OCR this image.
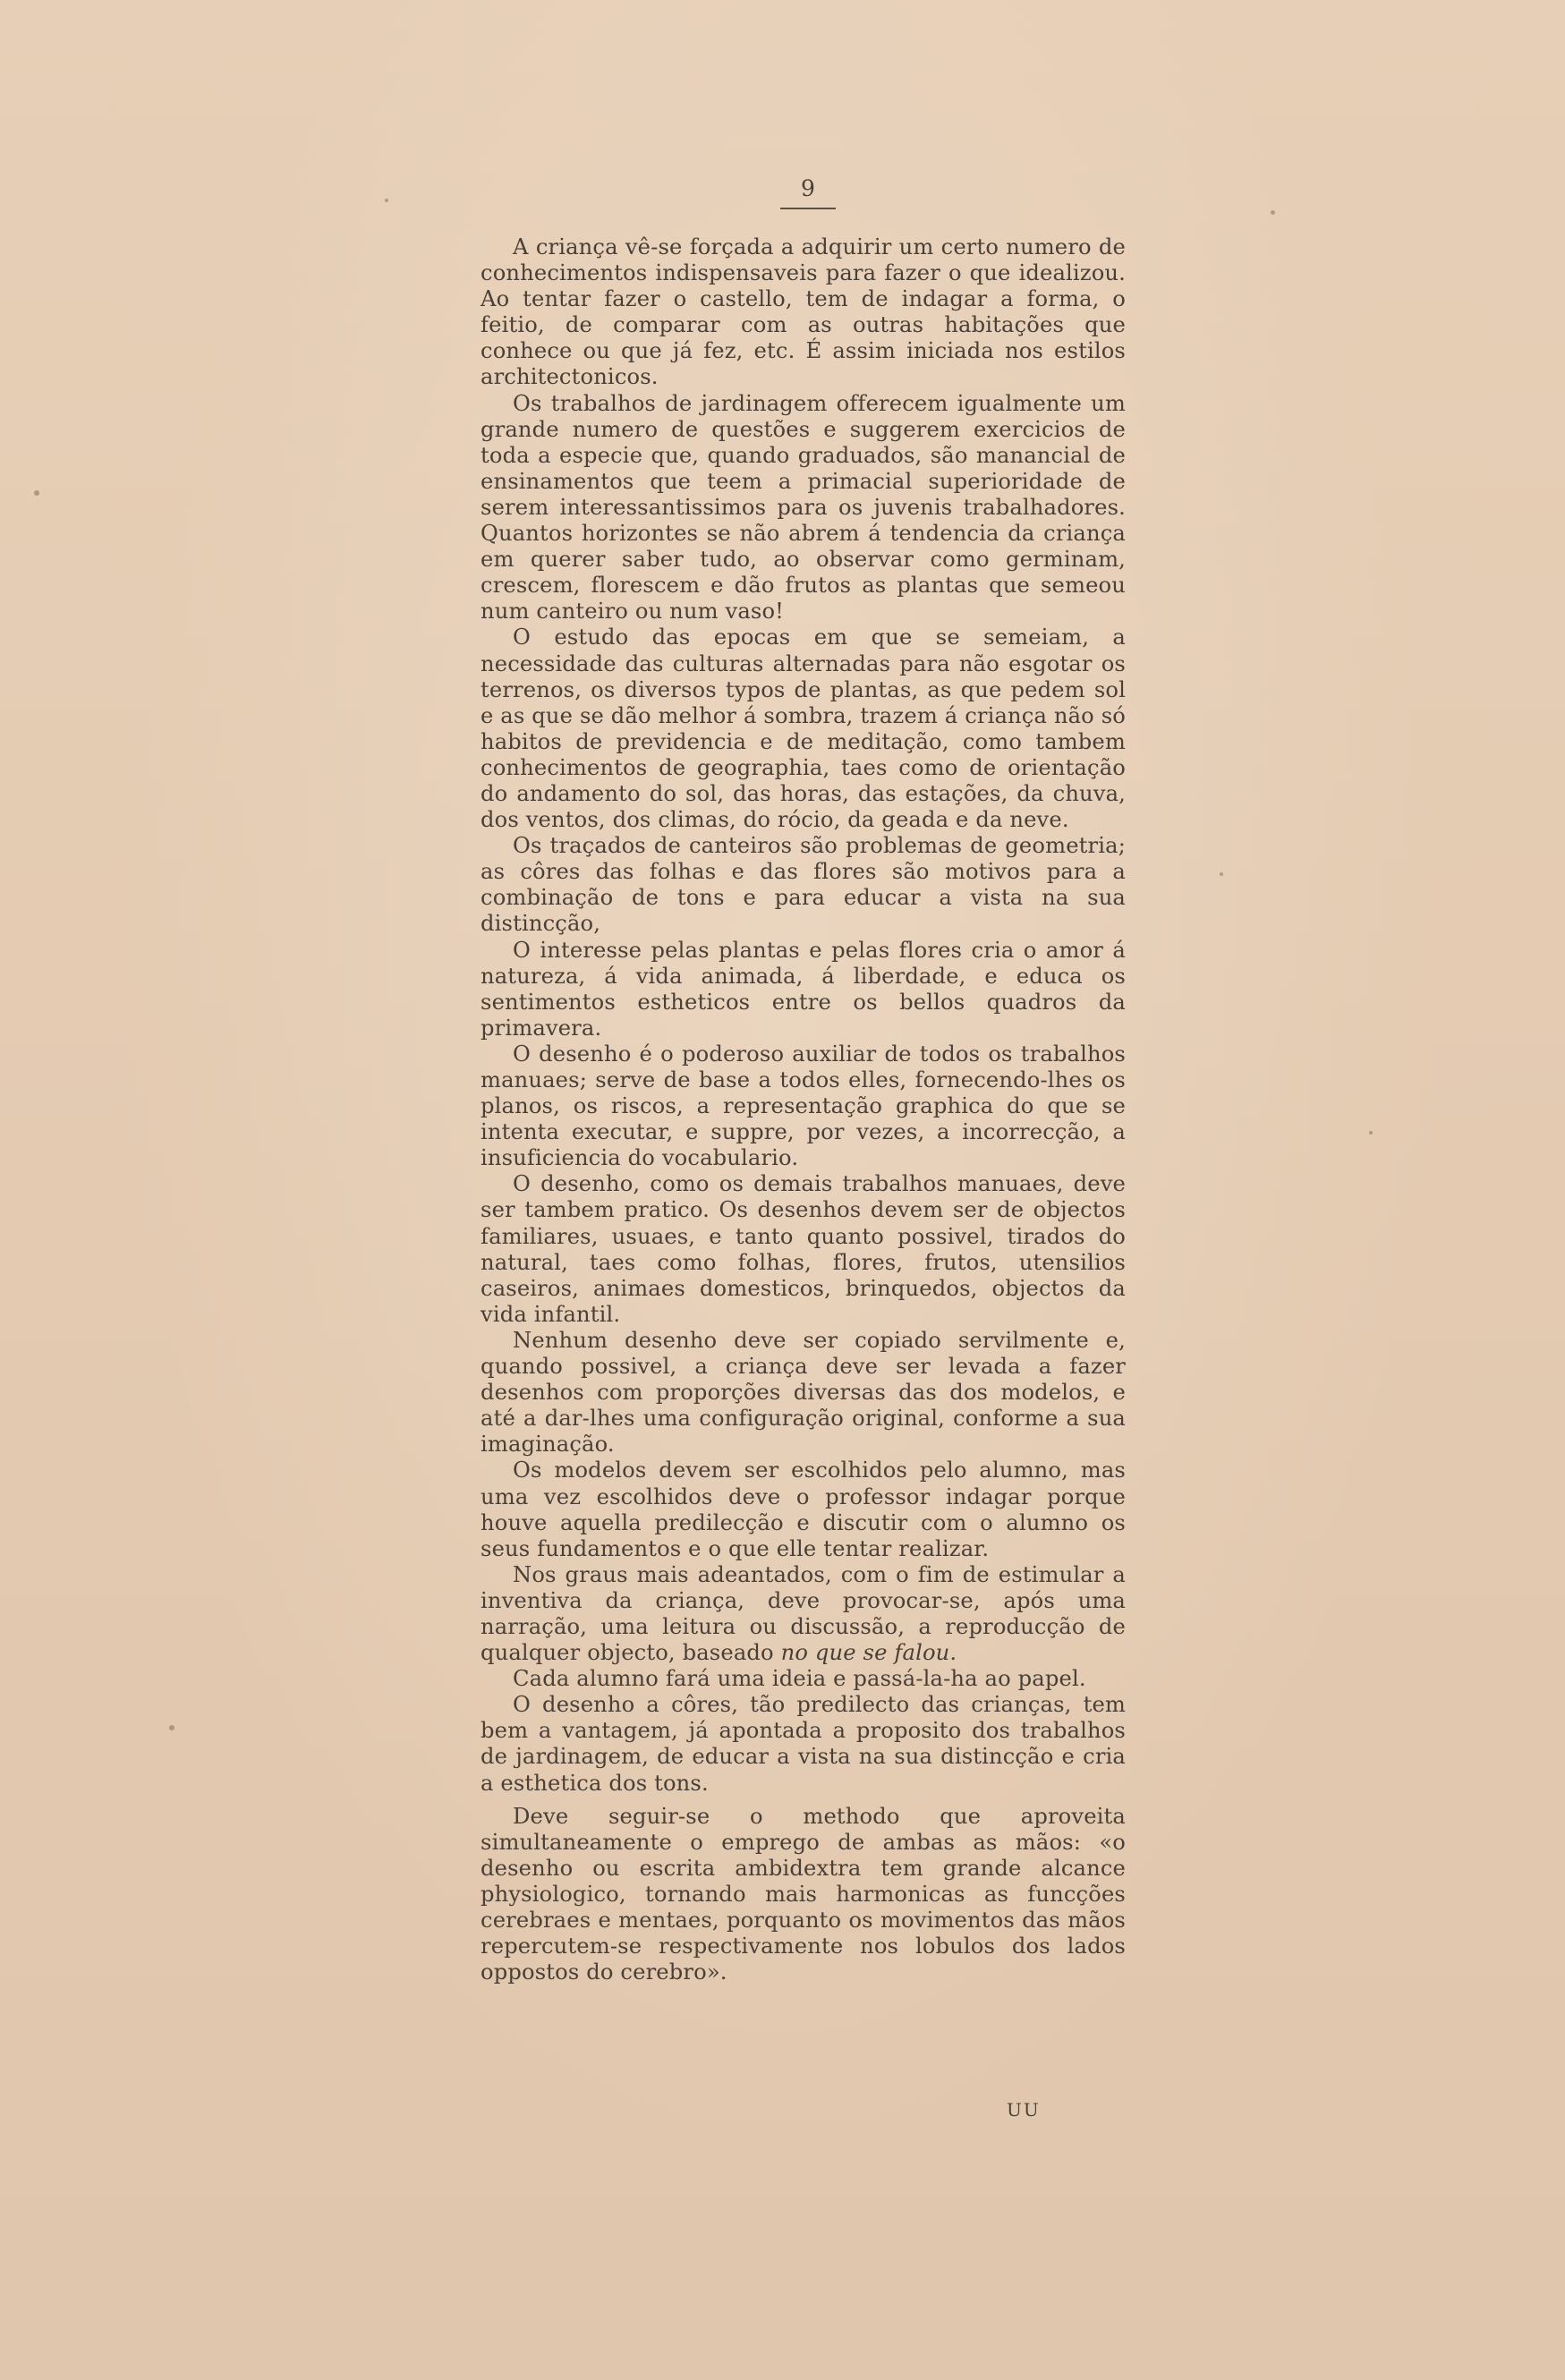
9

A criança vê-se forçada a adquirir um certo numero de conhecimentos indispensaveis para fazer o que idealizou. Ao tentar fazer o castello, tem de indagar a forma, o feitio, de comparar com as outras habitações que conhece ou que já fez, etc. É assim iniciada nos estilos architectonicos.

Os trabalhos de jardinagem offerecem igualmente um grande numero de questões e suggerem exercicios de toda a especie que, quando graduados, são manancial de ensinamentos que teem a primacial superioridade de serem interessantissimos para os juvenis trabalhadores. Quantos horizontes se não abrem á tendencia da criança em querer saber tudo, ao observar como germinam, crescem, florescem e dão frutos as plantas que semeou num canteiro ou num vaso!

O estudo das epocas em que se semeiam, a necessidade das culturas alternadas para não esgotar os terrenos, os diversos typos de plantas, as que pedem sol e as que se dão melhor á sombra, trazem á criança não só habitos de previdencia e de meditação, como tambem conhecimentos de geographia, taes como de orientação do andamento do sol, das horas, das estações, da chuva, dos ventos, dos climas, do rócio, da geada e da neve.

Os traçados de canteiros são problemas de geometria; as côres das folhas e das flores são motivos para a combinação de tons e para educar a vista na sua distincção,

O interesse pelas plantas e pelas flores cria o amor á natureza, á vida animada, á liberdade, e educa os sentimentos estheticos entre os bellos quadros da primavera.

O desenho é o poderoso auxiliar de todos os trabalhos manuaes; serve de base a todos elles, fornecendo-lhes os planos, os riscos, a representação graphica do que se intenta executar, e suppre, por vezes, a incorrecção, a insuficiencia do vocabulario.

O desenho, como os demais trabalhos manuaes, deve ser tambem pratico. Os desenhos devem ser de objectos familiares, usuaes, e tanto quanto possivel, tirados do natural, taes como folhas, flores, frutos, utensilios caseiros, animaes domesticos, brinquedos, objectos da vida infantil.

Nenhum desenho deve ser copiado servilmente e, quando possivel, a criança deve ser levada a fazer desenhos com proporções diversas das dos modelos, e até a dar-lhes uma configuração original, conforme a sua imaginação.

Os modelos devem ser escolhidos pelo alumno, mas uma vez escolhidos deve o professor indagar porque houve aquella predilecção e discutir com o alumno os seus fundamentos e o que elle tentar realizar.

Nos graus mais adeantados, com o fim de estimular a inventiva da criança, deve provocar-se, após uma narração, uma leitura ou discussão, a reproducção de qualquer objecto, baseado no que se falou.

Cada alumno fará uma ideia e passá-la-ha ao papel.

O desenho a côres, tão predilecto das crianças, tem bem a vantagem, já apontada a proposito dos trabalhos de jardinagem, de educar a vista na sua distincção e cria a esthetica dos tons.

Deve seguir-se o methodo que aproveita simultaneamente o emprego de ambas as mãos: «o desenho ou escrita ambidextra tem grande alcance physiologico, tornando mais harmonicas as funcções cerebraes e mentaes, porquanto os movimentos das mãos repercutem-se respectivamente nos lobulos dos lados oppostos do cerebro».

UU
